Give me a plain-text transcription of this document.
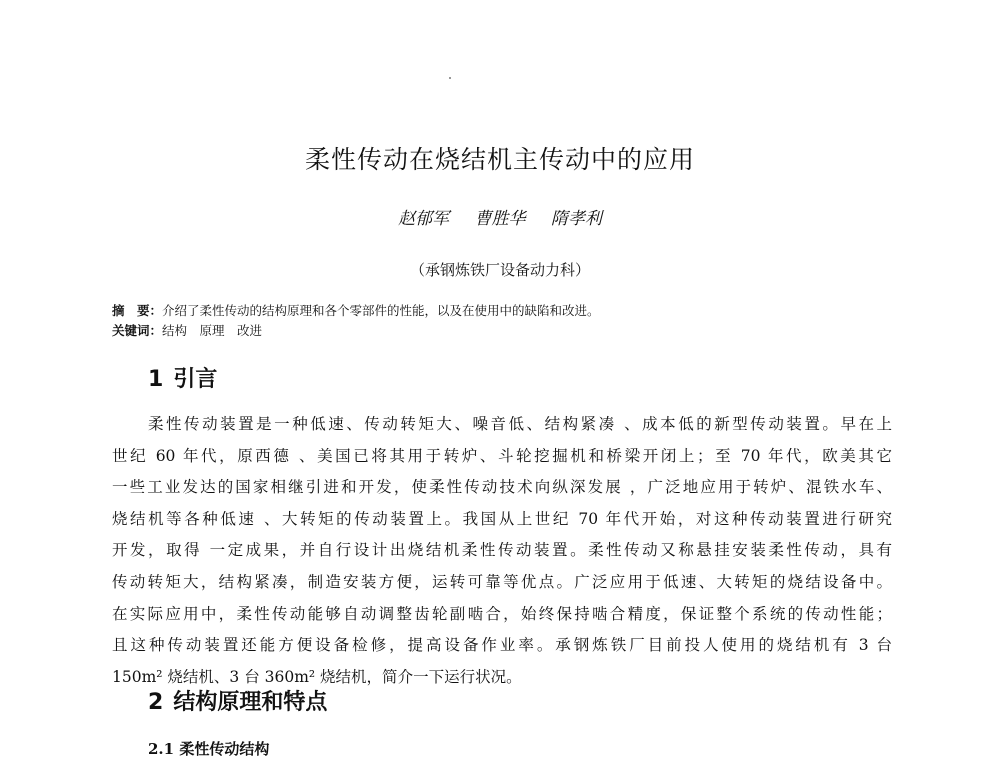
柔性传动在烧结机主传动中的应用
赵郁军 曹胜华 隋孝利
（承钢炼铁厂设备动力科）
摘　要：介绍了柔性传动的结构原理和各个零部件的性能，以及在使用中的缺陷和改进。
关键词：结构　原理　改进
1 引言
柔性传动装置是一种低速、传动转矩大、噪音低、结构紧凑 、成本低的新型传动装置。早在上
世纪 60 年代，原西德 、美国已将其用于转炉、斗轮挖掘机和桥梁开闭上；至 70 年代，欧美其它
一些工业发达的国家相继引进和开发，使柔性传动技术向纵深发展 ，广泛地应用于转炉、混铁水车、
烧结机等各种低速 、大转矩的传动装置上。我国从上世纪 70 年代开始，对这种传动装置进行研究
开发，取得 一定成果，并自行设计出烧结机柔性传动装置。柔性传动又称悬挂安装柔性传动，具有
传动转矩大，结构紧凑，制造安装方便，运转可靠等优点。广泛应用于低速、大转矩的烧结设备中。
在实际应用中，柔性传动能够自动调整齿轮副啮合，始终保持啮合精度，保证整个系统的传动性能；
且这种传动装置还能方便设备检修，提高设备作业率。承钢炼铁厂目前投人使用的烧结机有 3 台
150m² 烧结机、3 台 360m² 烧结机，简介一下运行状况。
2 结构原理和特点
2.1 柔性传动结构
